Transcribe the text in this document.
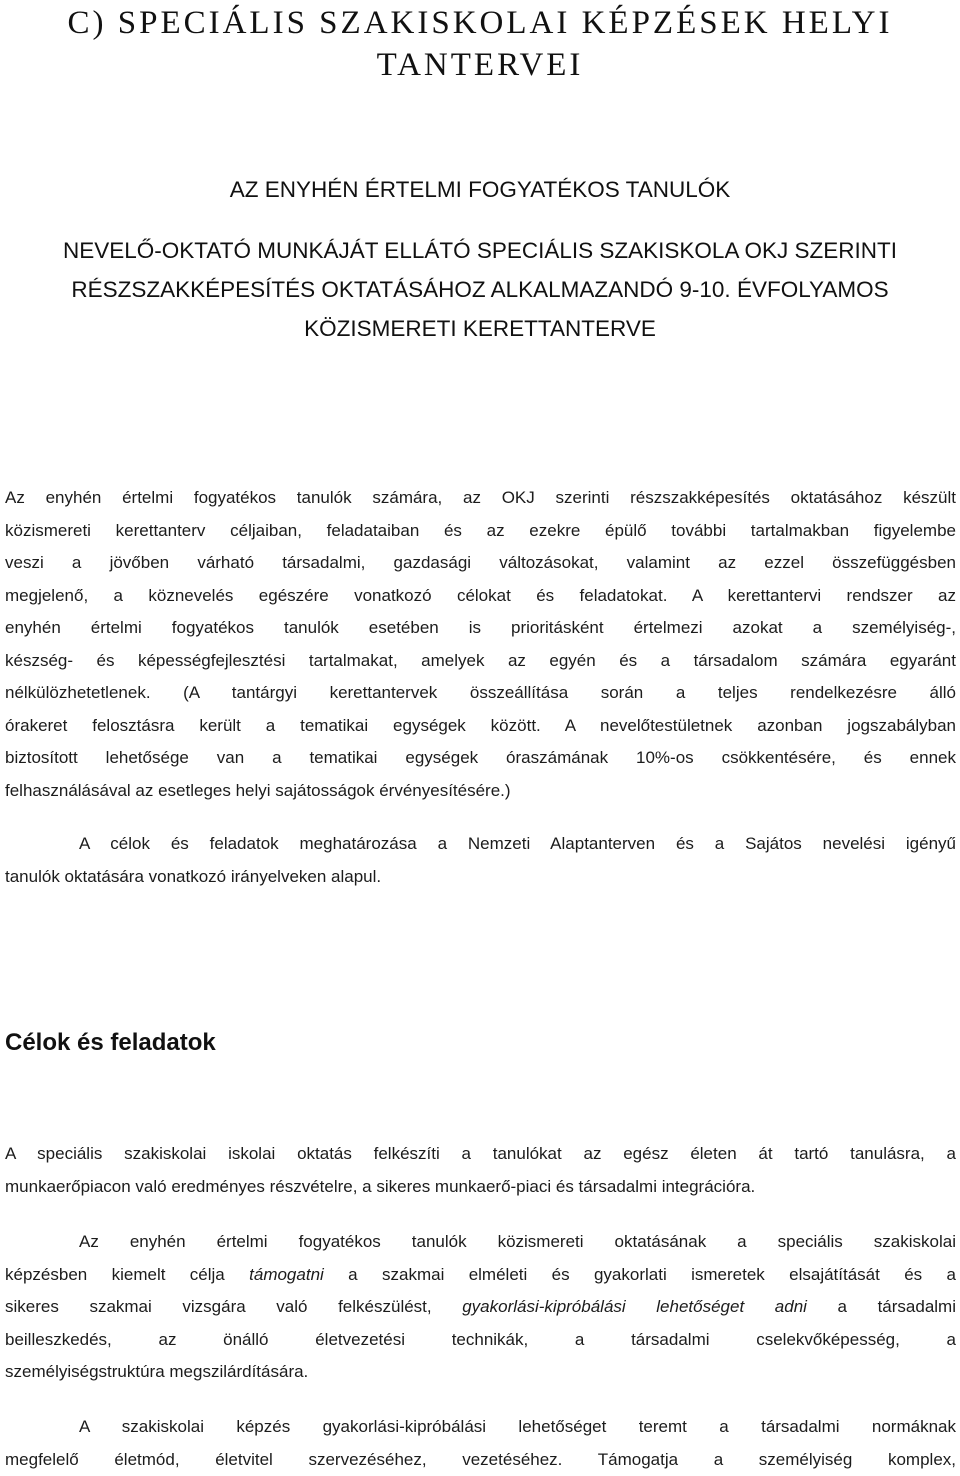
C) SPECIÁLIS SZAKISKOLAI KÉPZÉSEK HELYI
TANTERVEI
AZ ENYHÉN ÉRTELMI FOGYATÉKOS TANULÓK
NEVELŐ-OKTATÓ MUNKÁJÁT ELLÁTÓ SPECIÁLIS SZAKISKOLA OKJ SZERINTI
RÉSZSZAKKÉPESÍTÉS OKTATÁSÁHOZ ALKALMAZANDÓ 9-10. ÉVFOLYAMOS
KÖZISMERETI KERETTANTERVE

Az enyhén értelmi fogyatékos tanulók számára, az OKJ szerinti részszakképesítés oktatásához készült
közismereti kerettanterv céljaiban, feladataiban és az ezekre épülő további tartalmakban figyelembe
veszi a jövőben várható társadalmi, gazdasági változásokat, valamint az ezzel összefüggésben
megjelenő, a köznevelés egészére vonatkozó célokat és feladatokat. A kerettantervi rendszer az
enyhén értelmi fogyatékos tanulók esetében is prioritásként értelmezi azokat a személyiség-,
készség- és képességfejlesztési tartalmakat, amelyek az egyén és a társadalom számára egyaránt
nélkülözhetetlenek. (A tantárgyi kerettantervek összeállítása során a teljes rendelkezésre álló
órakeret felosztásra került a tematikai egységek között. A nevelőtestületnek azonban jogszabályban
biztosított lehetősége van a tematikai egységek óraszámának 10%-os csökkentésére, és ennek
felhasználásával az esetleges helyi sajátosságok érvényesítésére.)

A célok és feladatok meghatározása a Nemzeti Alaptanterven és a Sajátos nevelési igényű
tanulók oktatására vonatkozó irányelveken alapul.

Célok és feladatok

A speciális szakiskolai iskolai oktatás felkészíti a tanulókat az egész életen át tartó tanulásra, a
munkaerőpiacon való eredményes részvételre, a sikeres munkaerő-piaci és társadalmi integrációra.

Az enyhén értelmi fogyatékos tanulók közismereti oktatásának a speciális szakiskolai
képzésben kiemelt célja támogatni a szakmai elméleti és gyakorlati ismeretek elsajátítását és a
sikeres szakmai vizsgára való felkészülést, gyakorlási-kipróbálási lehetőséget adni a társadalmi
beilleszkedés, az önálló életvezetési technikák, a társadalmi cselekvőképesség, a
személyiségstruktúra megszilárdítására.

A szakiskolai képzés gyakorlási-kipróbálási lehetőséget teremt a társadalmi normáknak
megfelelő életmód, életvitel szervezéséhez, vezetéséhez. Támogatja a személyiség komplex,
